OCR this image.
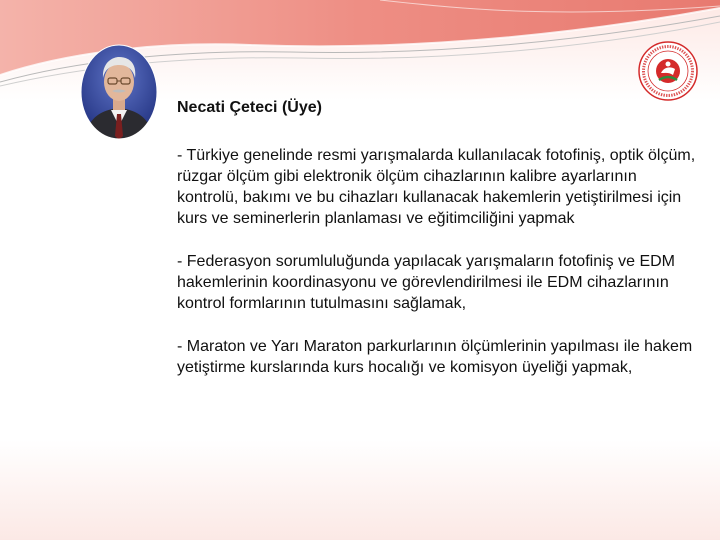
Necati Çeteci (Üye)

- Türkiye genelinde resmi yarışmalarda kullanılacak fotofiniş, optik ölçüm, rüzgar ölçüm gibi elektronik ölçüm cihazlarının kalibre ayarlarının kontrolü, bakımı ve bu cihazları kullanacak hakemlerin yetiştirilmesi için kurs ve seminerlerin planlaması ve eğitimciliğini yapmak

- Federasyon sorumluluğunda yapılacak yarışmaların fotofiniş ve EDM hakemlerinin koordinasyonu ve görevlendirilmesi ile EDM cihazlarının kontrol formlarının tutulmasını sağlamak,

- Maraton ve Yarı Maraton parkurlarının ölçümlerinin yapılması ile hakem yetiştirme kurslarında kurs hocalığı ve komisyon üyeliği yapmak,
